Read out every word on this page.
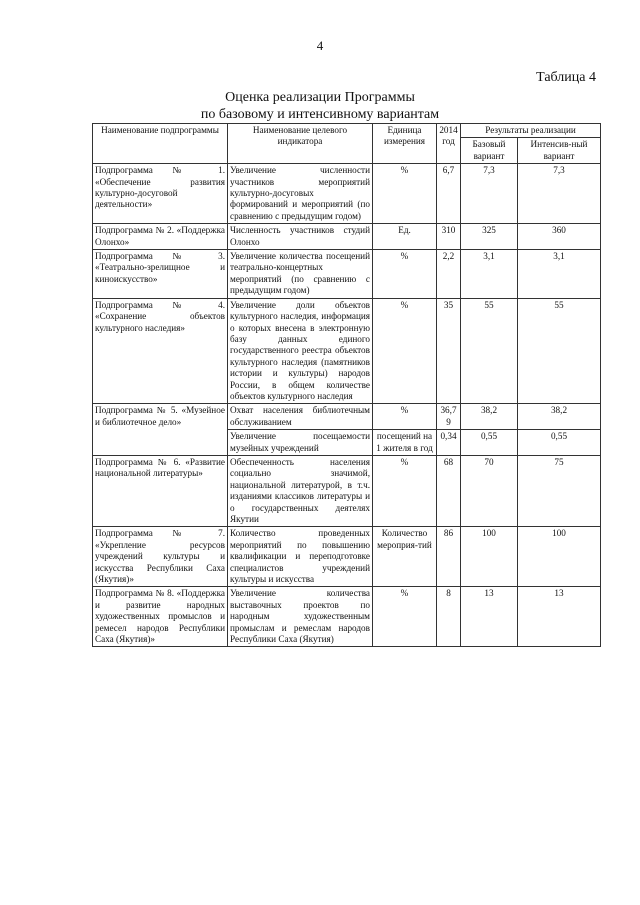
4
Таблица 4
Оценка реализации Программы
по базовому и интенсивному вариантам
Наименование подпрограммы	Наименование целевого индикатора	Единица измерения	2014 год	Результаты реализации	
				Базовый вариант	Интенсив-ный вариант
Подпрограмма № 1. «Обеспечение развития культурно-досуговой деятельности»	Увеличение численности участников мероприятий культурно-досуговых формирований и мероприятий (по сравнению с предыдущим годом)	%	6,7	7,3	7,3
Подпрограмма № 2. «Поддержка Олонхо»	Численность участников студий Олонхо	Ед.	310	325	360
Подпрограмма № 3. «Театрально-зрелищное и киноискусство»	Увеличение количества посещений театрально-концертных мероприятий (по сравнению с предыдущим годом)	%	2,2	3,1	3,1
Подпрограмма № 4. «Сохранение объектов культурного наследия»	Увеличение доли объектов культурного наследия, информация о которых внесена в электронную базу данных единого государственного реестра объектов культурного наследия (памятников истории и культуры) народов России, в общем количестве объектов культурного наследия	%	35	55	55
Подпрограмма № 5. «Музейное и библиотечное дело»	Охват населения библиотечным обслуживанием	%	36,79	38,2	38,2
	Увеличение посещаемости музейных учреждений	посещений на 1 жителя в год	0,34	0,55	0,55
Подпрограмма № 6. «Развитие национальной литературы»	Обеспеченность населения социально значимой, национальной литературой, в т.ч. изданиями классиков литературы и о государственных деятелях Якутии	%	68	70	75
Подпрограмма № 7. «Укрепление ресурсов учреждений культуры и искусства Республики Саха (Якутия)»	Количество проведенных мероприятий по повышению квалификации и переподготовке специалистов учреждений культуры и искусства	Количество мероприя-тий	86	100	100
Подпрограмма № 8. «Поддержка и развитие народных художественных промыслов и ремесел народов Республики Саха (Якутия)»	Увеличение количества выставочных проектов по народным художественным промыслам и ремеслам народов Республики Саха (Якутия)	%	8	13	13
